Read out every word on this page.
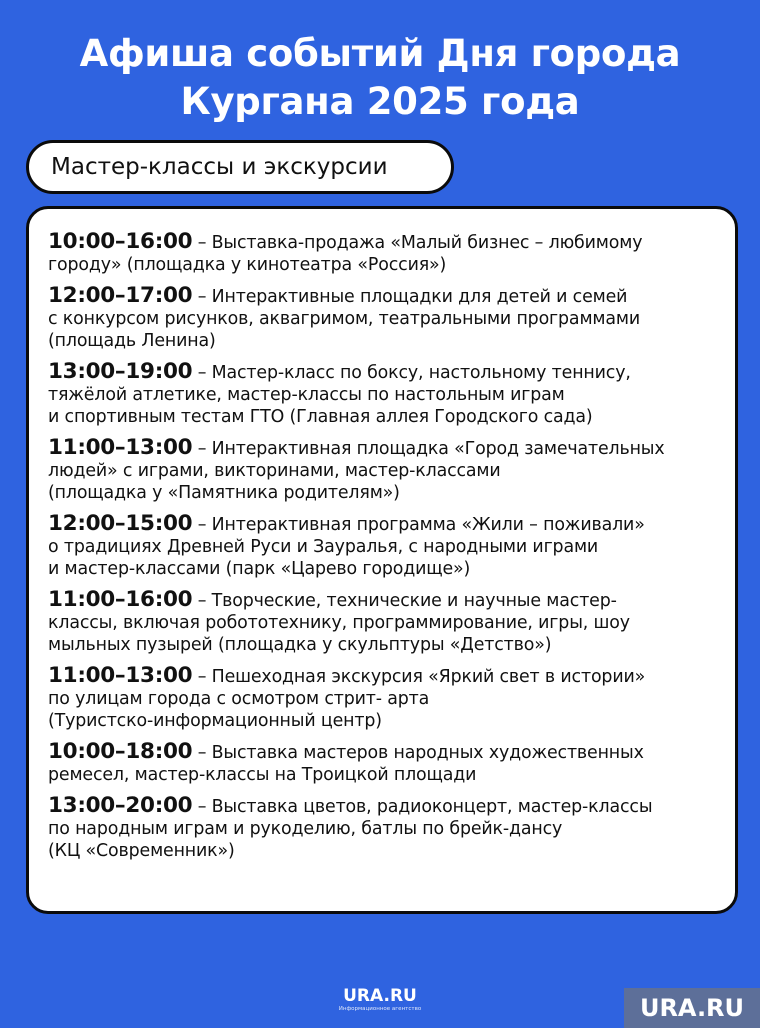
Афиша событий Дня города
Кургана 2025 года
Мастер-классы и экскурсии
10:00–16:00 – Выставка-продажа «Малый бизнес – любимому
городу» (площадка у кинотеатра «Россия»)
12:00–17:00 – Интерактивные площадки для детей и семей
с конкурсом рисунков, аквагримом, театральными программами
(площадь Ленина)
13:00–19:00 – Мастер-класс по боксу, настольному теннису,
тяжёлой атлетике, мастер-классы по настольным играм
и спортивным тестам ГТО (Главная аллея Городского сада)
11:00–13:00 – Интерактивная площадка «Город замечательных
людей» с играми, викторинами, мастер-классами
(площадка у «Памятника родителям»)
12:00–15:00 – Интерактивная программа «Жили – поживали»
о традициях Древней Руси и Зауралья, с народными играми
и мастер-классами (парк «Царево городище»)
11:00–16:00 – Творческие, технические и научные мастер-
классы, включая робототехнику, программирование, игры, шоу
мыльных пузырей (площадка у скульптуры «Детство»)
11:00–13:00 – Пешеходная экскурсия «Яркий свет в истории»
по улицам города с осмотром стрит- арта
(Туристско-информационный центр)
10:00–18:00 – Выставка мастеров народных художественных
ремесел, мастер-классы на Троицкой площади
13:00–20:00 – Выставка цветов, радиоконцерт, мастер-классы
по народным играм и рукоделию, батлы по брейк-дансу
(КЦ «Современник»)
URA.RU
Информационное агентство	URA.RU
